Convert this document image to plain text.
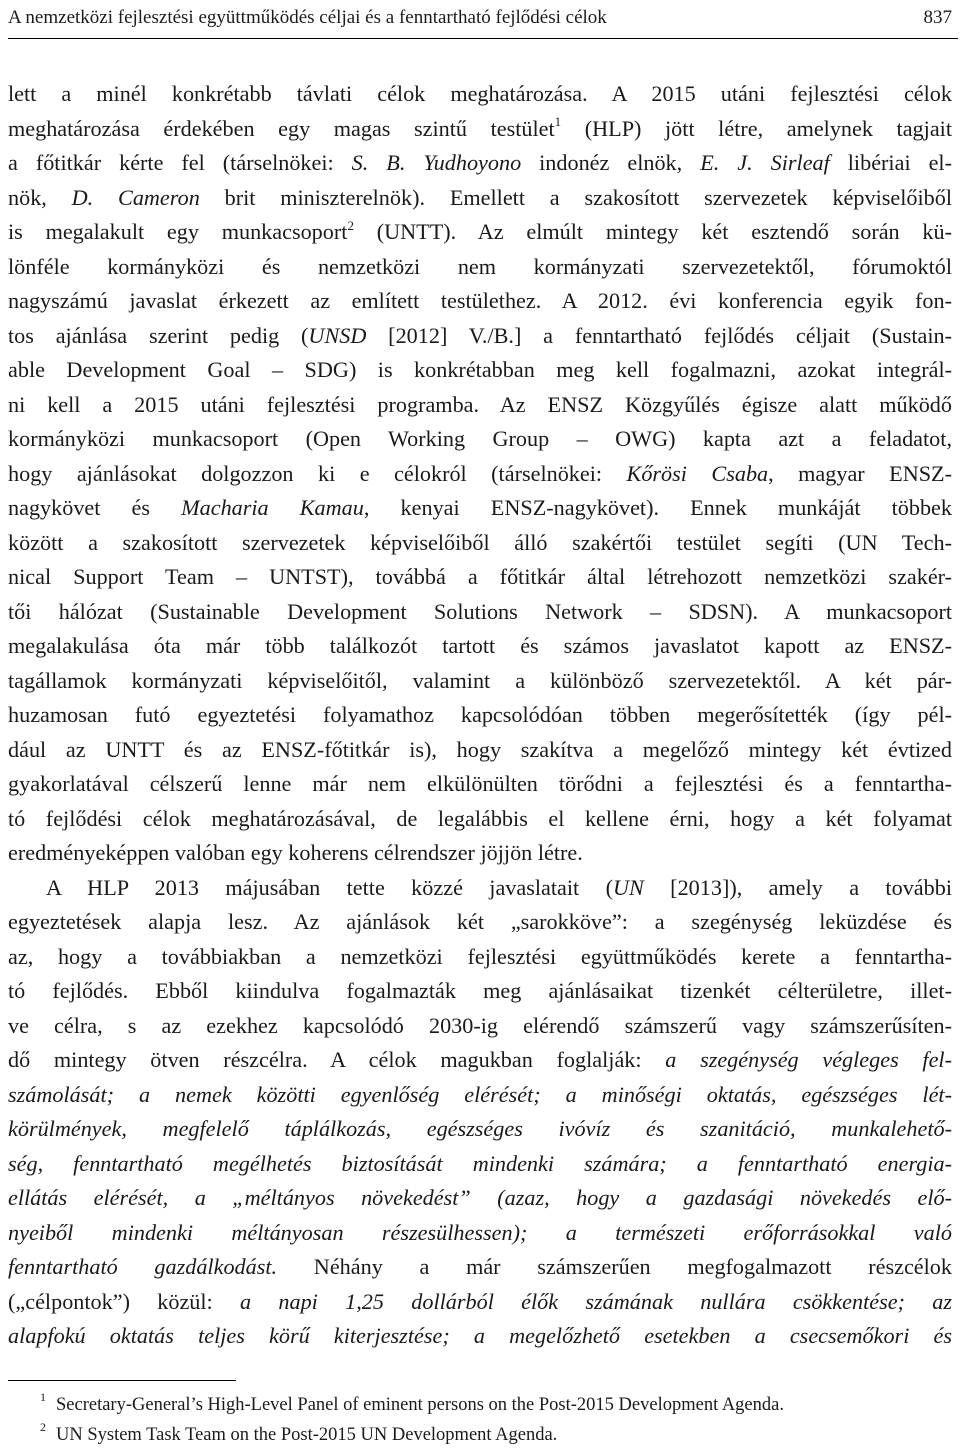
A nemzetközi fejlesztési együttműködés céljai és a fenntartható fejlődési célok	837
lett a minél konkrétabb távlati célok meghatározása. A 2015 utáni fejlesztési célok
meghatározása érdekében egy magas szintű testület$^1$ (HLP) jött létre, amelynek tagjait
a főtitkár kérte fel (társelnökei: S. B. Yudhoyono indonéz elnök, E. J. Sirleaf libériai el-
nök, D. Cameron brit miniszterelnök). Emellett a szakosított szervezetek képviselőiből
is megalakult egy munkacsoport$^2$ (UNTT). Az elmúlt mintegy két esztendő során kü-
lönféle kormányközi és nemzetközi nem kormányzati szervezetektől, fórumoktól
nagyszámú javaslat érkezett az említett testülethez. A 2012. évi konferencia egyik fon-
tos ajánlása szerint pedig (UNSD [2012] V./B.] a fenntartható fejlődés céljait (Sustain-
able Development Goal – SDG) is konkrétabban meg kell fogalmazni, azokat integrál-
ni kell a 2015 utáni fejlesztési programba. Az ENSZ Közgyűlés égisze alatt működő
kormányközi munkacsoport (Open Working Group – OWG) kapta azt a feladatot,
hogy ajánlásokat dolgozzon ki e célokról (társelnökei: Kőrösi Csaba, magyar ENSZ-
nagykövet és Macharia Kamau, kenyai ENSZ-nagykövet). Ennek munkáját többek
között a szakosított szervezetek képviselőiből álló szakértői testület segíti (UN Tech-
nical Support Team – UNTST), továbbá a főtitkár által létrehozott nemzetközi szakér-
tői hálózat (Sustainable Development Solutions Network – SDSN). A munkacsoport
megalakulása óta már több találkozót tartott és számos javaslatot kapott az ENSZ-
tagállamok kormányzati képviselőitől, valamint a különböző szervezetektől. A két pár-
huzamosan futó egyeztetési folyamathoz kapcsolódóan többen megerősítették (így pél-
dául az UNTT és az ENSZ-főtitkár is), hogy szakítva a megelőző mintegy két évtized
gyakorlatával célszerű lenne már nem elkülönülten törődni a fejlesztési és a fenntartha-
tó fejlődési célok meghatározásával, de legalábbis el kellene érni, hogy a két folyamat
eredményeképpen valóban egy koherens célrendszer jöjjön létre.
A HLP 2013 májusában tette közzé javaslatait (UN [2013]), amely a további
egyeztetések alapja lesz. Az ajánlások két „sarokköve”: a szegénység leküzdése és
az, hogy a továbbiakban a nemzetközi fejlesztési együttműködés kerete a fenntartha-
tó fejlődés. Ebből kiindulva fogalmazták meg ajánlásaikat tizenkét célterületre, illet-
ve célra, s az ezekhez kapcsolódó 2030-ig elérendő számszerű vagy számszerűsíten-
dő mintegy ötven részcélra. A célok magukban foglalják: a szegénység végleges fel-
számolását; a nemek közötti egyenlőség elérését; a minőségi oktatás, egészséges lét-
körülmények, megfelelő táplálkozás, egészséges ivóvíz és szanitáció, munkalehető-
ség, fenntartható megélhetés biztosítását mindenki számára; a fenntartható energia-
ellátás elérését, a „méltányos növekedést” (azaz, hogy a gazdasági növekedés elő-
nyeiből mindenki méltányosan részesülhessen); a természeti erőforrásokkal való
fenntartható gazdálkodást. Néhány a már számszerűen megfogalmazott részcélok
(„célpontok”) közül: a napi 1,25 dollárból élők számának nullára csökkentése; az
alapfokú oktatás teljes körű kiterjesztése; a megelőzhető esetekben a csecsemőkori és
1 Secretary-General’s High-Level Panel of eminent persons on the Post-2015 Development Agenda.
2 UN System Task Team on the Post-2015 UN Development Agenda.
